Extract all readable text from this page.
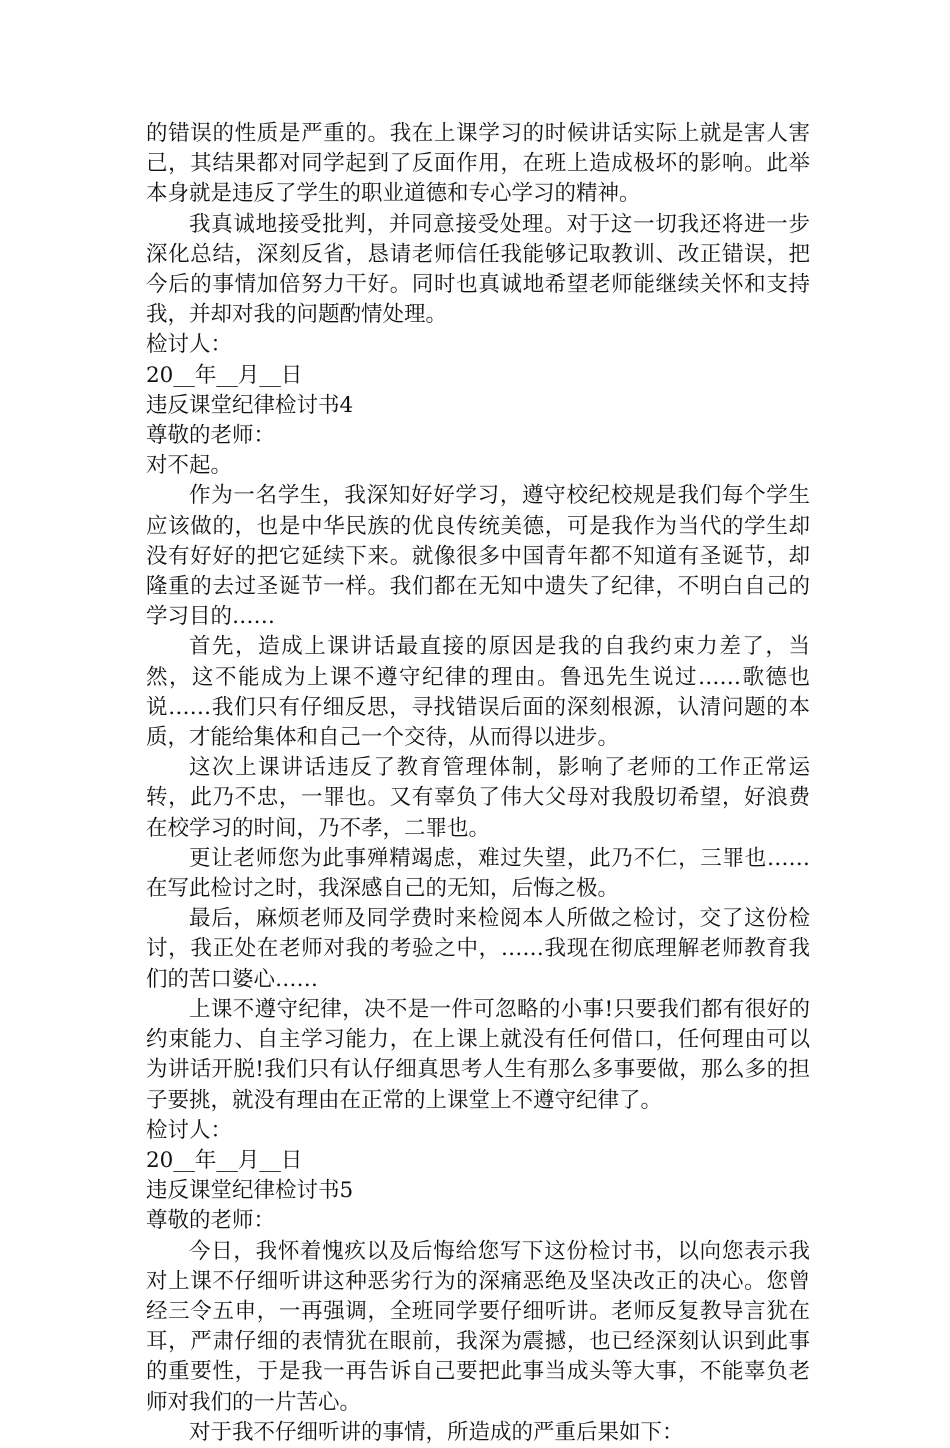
的错误的性质是严重的。我在上课学习的时候讲话实际上就是害人害己，其结果都对同学起到了反面作用，在班上造成极坏的影响。此举本身就是违反了学生的职业道德和专心学习的精神。

我真诚地接受批判，并同意接受处理。对于这一切我还将进一步深化总结，深刻反省，恳请老师信任我能够记取教训、改正错误，把今后的事情加倍努力干好。同时也真诚地希望老师能继续关怀和支持我，并却对我的问题酌情处理。

检讨人：

20__年__月__日

违反课堂纪律检讨书4

尊敬的老师：

对不起。

作为一名学生，我深知好好学习，遵守校纪校规是我们每个学生应该做的，也是中华民族的优良传统美德，可是我作为当代的学生却没有好好的把它延续下来。就像很多中国青年都不知道有圣诞节，却隆重的去过圣诞节一样。我们都在无知中遗失了纪律，不明白自己的学习目的……

首先，造成上课讲话最直接的原因是我的自我约束力差了，当然，这不能成为上课不遵守纪律的理由。鲁迅先生说过……歌德也说……我们只有仔细反思，寻找错误后面的深刻根源，认清问题的本质，才能给集体和自己一个交待，从而得以进步。

这次上课讲话违反了教育管理体制，影响了老师的工作正常运转，此乃不忠，一罪也。又有辜负了伟大父母对我殷切希望，好浪费在校学习的时间，乃不孝，二罪也。

更让老师您为此事殚精竭虑，难过失望，此乃不仁，三罪也……在写此检讨之时，我深感自己的无知，后悔之极。

最后，麻烦老师及同学费时来检阅本人所做之检讨，交了这份检讨，我正处在老师对我的考验之中，……我现在彻底理解老师教育我们的苦口婆心……

上课不遵守纪律，决不是一件可忽略的小事!只要我们都有很好的约束能力、自主学习能力，在上课上就没有任何借口，任何理由可以为讲话开脱!我们只有认仔细真思考人生有那么多事要做，那么多的担子要挑，就没有理由在正常的上课堂上不遵守纪律了。

检讨人：

20__年__月__日

违反课堂纪律检讨书5

尊敬的老师：

今日，我怀着愧疚以及后悔给您写下这份检讨书，以向您表示我对上课不仔细听讲这种恶劣行为的深痛恶绝及坚决改正的决心。您曾经三令五申，一再强调，全班同学要仔细听讲。老师反复教导言犹在耳，严肃仔细的表情犹在眼前，我深为震撼，也已经深刻认识到此事的重要性，于是我一再告诉自己要把此事当成头等大事，不能辜负老师对我们的一片苦心。

对于我不仔细听讲的事情，所造成的严重后果如下：
